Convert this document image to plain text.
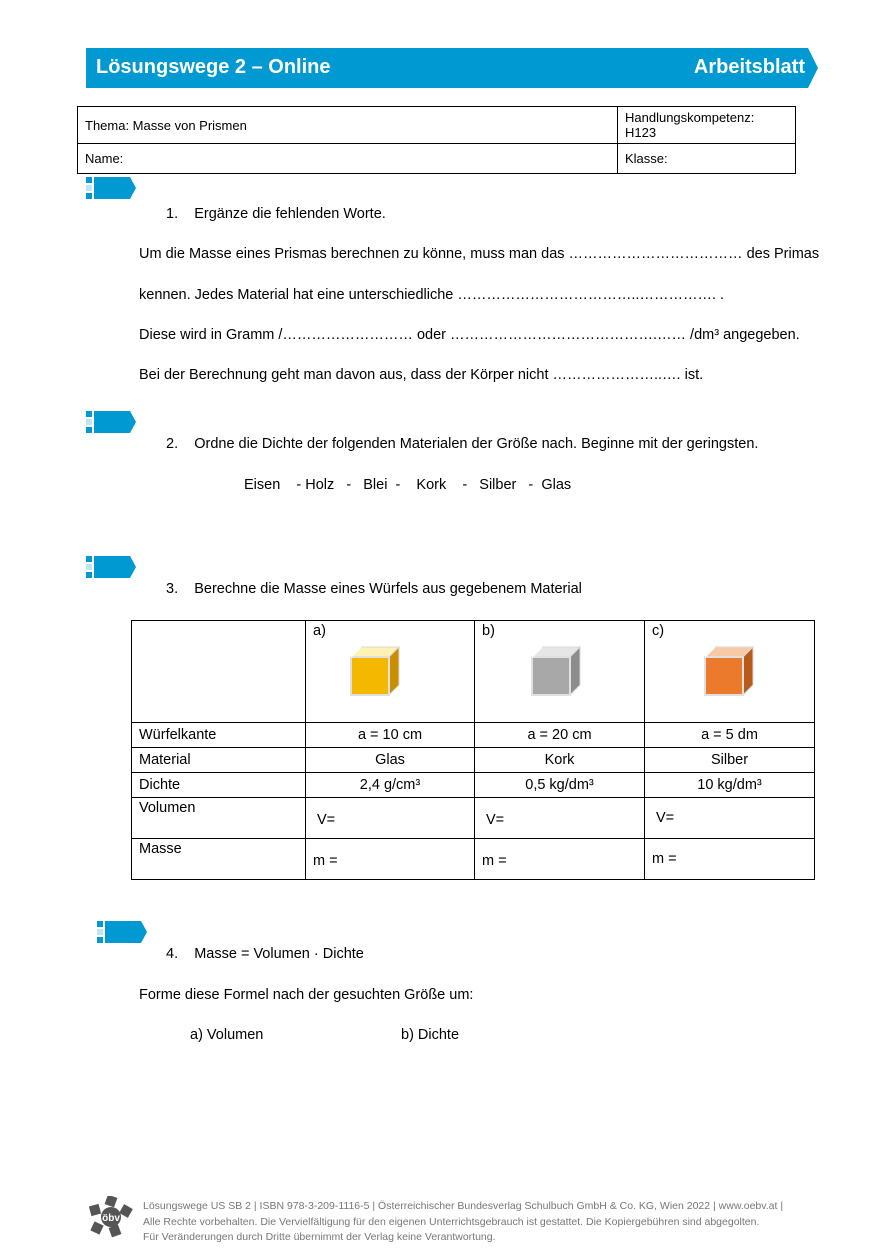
Lösungswege 2 – Online	Arbeitsblatt
Thema: Masse von Prismen	Handlungskompetenz:
H123

Name:	Klasse:
1.    Ergänze die fehlenden Worte.
Um die Masse eines Prismas berechnen zu könne, muss man das ……………………………… des Primas
kennen. Jedes Material hat eine unterschiedliche ………………………………..……………. .
Diese wird in Gramm /……………………… oder …………………………………….…… /dm³ angegeben.
Bei der Berechnung geht man davon aus, dass der Körper nicht …………………..…. ist.
2.    Ordne die Dichte der folgenden Materialen der Größe nach. Beginne mit der geringsten.
Eisen    - Holz   -   Blei  -    Kork    -   Silber   -  Glas
3.    Berechne die Masse eines Würfels aus gegebenem Material

	a)	b)	c)

Würfelkante	a = 10 cm	a = 20 cm	a = 5 dm
Material	Glas	Kork	Silber
Dichte	2,4 g/cm³	0,5 kg/dm³	10 kg/dm³
Volumen	V=	V=	V=
Masse	m =	m =	m =
4.    Masse = Volumen · Dichte
Forme diese Formel nach der gesuchten Größe um:
a) Volumen	b) Dichte
öbv
Lösungswege US SB 2 | ISBN 978-3-209-1116-5 | Österreichischer Bundesverlag Schulbuch GmbH & Co. KG, Wien 2022 | www.oebv.at |
Alle Rechte vorbehalten. Die Vervielfältigung für den eigenen Unterrichtsgebrauch ist gestattet. Die Kopiergebühren sind abgegolten.
Für Veränderungen durch Dritte übernimmt der Verlag keine Verantwortung.
